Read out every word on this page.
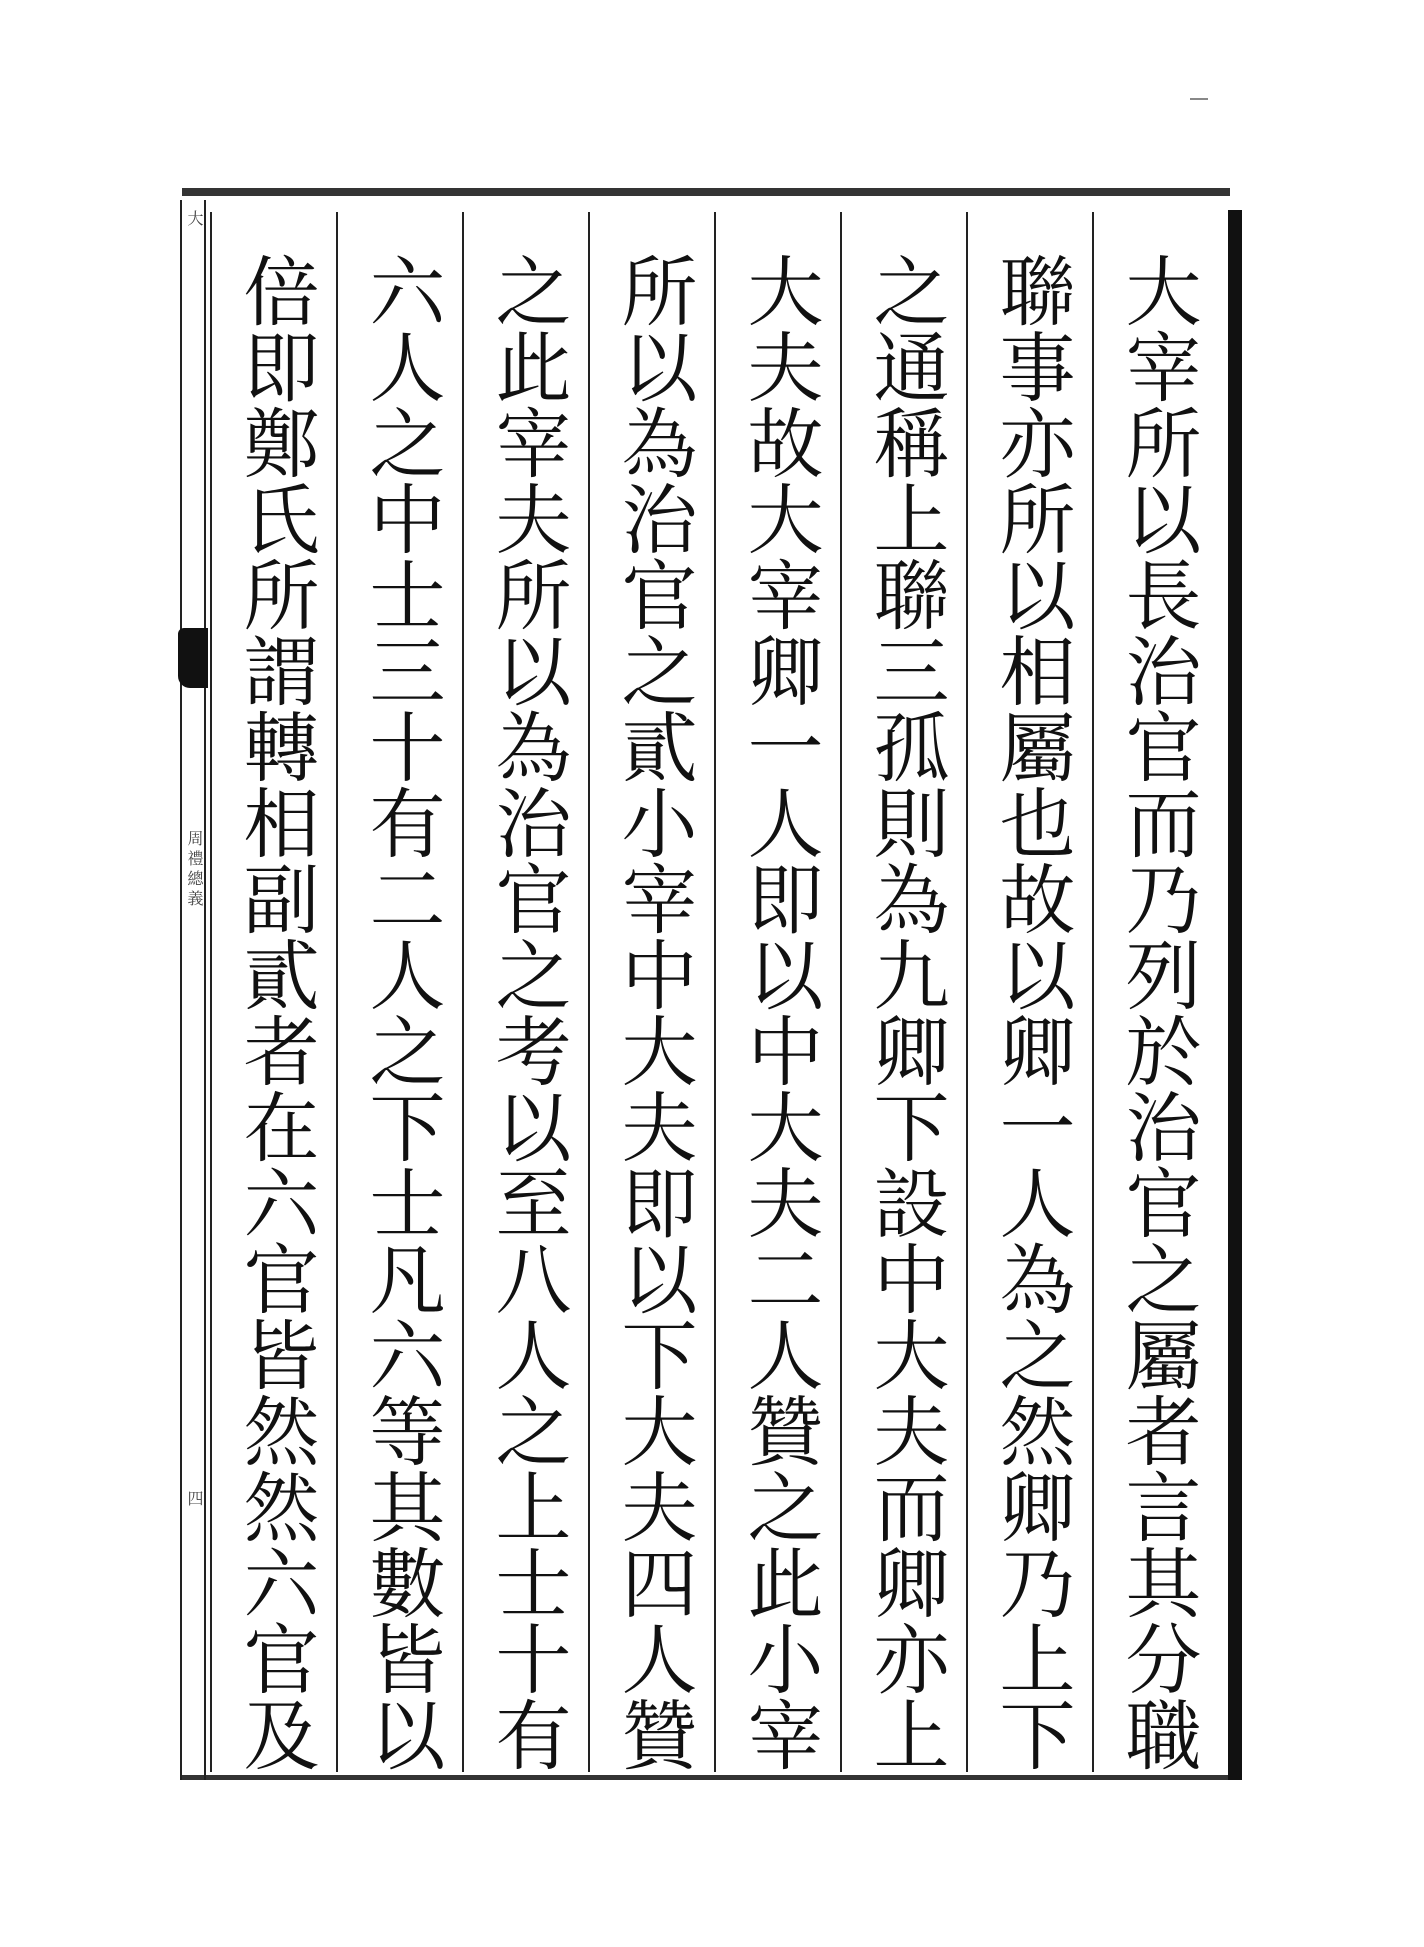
大
周禮總義
四	大宰所以長治官而乃列於治官之屬者言其分職
聯事亦所以相屬也故以卿一人為之然卿乃上下
之通稱上聯三孤則為九卿下設中大夫而卿亦上
大夫故大宰卿一人即以中大夫二人贊之此小宰
所以為治官之貳小宰中大夫即以下大夫四人贊
之此宰夫所以為治官之考以至八人之上士十有
六人之中士三十有二人之下士凡六等其數皆以
倍即鄭氏所謂轉相副貳者在六官皆然然六官及
